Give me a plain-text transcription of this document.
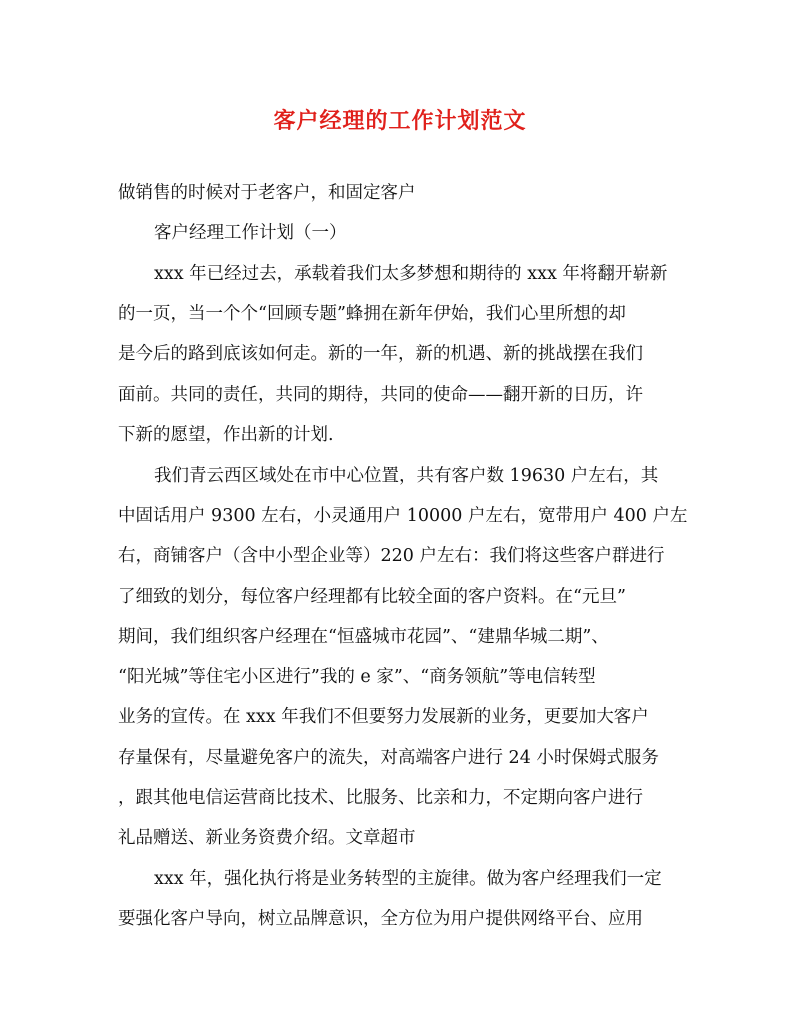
客户经理的工作计划范文
做销售的时候对于老客户，和固定客户
客户经理工作计划（一）
xxx 年已经过去，承载着我们太多梦想和期待的 xxx 年将翻开崭新
的一页，当一个个“回顾专题”蜂拥在新年伊始，我们心里所想的却
是今后的路到底该如何走。新的一年，新的机遇、新的挑战摆在我们
面前。共同的责任，共同的期待，共同的使命——翻开新的日历，许
下新的愿望，作出新的计划.
我们青云西区域处在市中心位置，共有客户数 19630 户左右，其
中固话用户 9300 左右，小灵通用户 10000 户左右，宽带用户 400 户左
右，商铺客户（含中小型企业等）220 户左右：我们将这些客户群进行
了细致的划分，每位客户经理都有比较全面的客户资料。在“元旦”
期间，我们组织客户经理在“恒盛城市花园”、“建鼎华城二期”、
“阳光城”等住宅小区进行”我的 e 家”、“商务领航”等电信转型
业务的宣传。在 xxx 年我们不但要努力发展新的业务，更要加大客户
存量保有，尽量避免客户的流失，对高端客户进行 24 小时保姆式服务
，跟其他电信运营商比技术、比服务、比亲和力，不定期向客户进行
礼品赠送、新业务资费介绍。文章超市
xxx 年，强化执行将是业务转型的主旋律。做为客户经理我们一定
要强化客户导向，树立品牌意识，全方位为用户提供网络平台、应用
